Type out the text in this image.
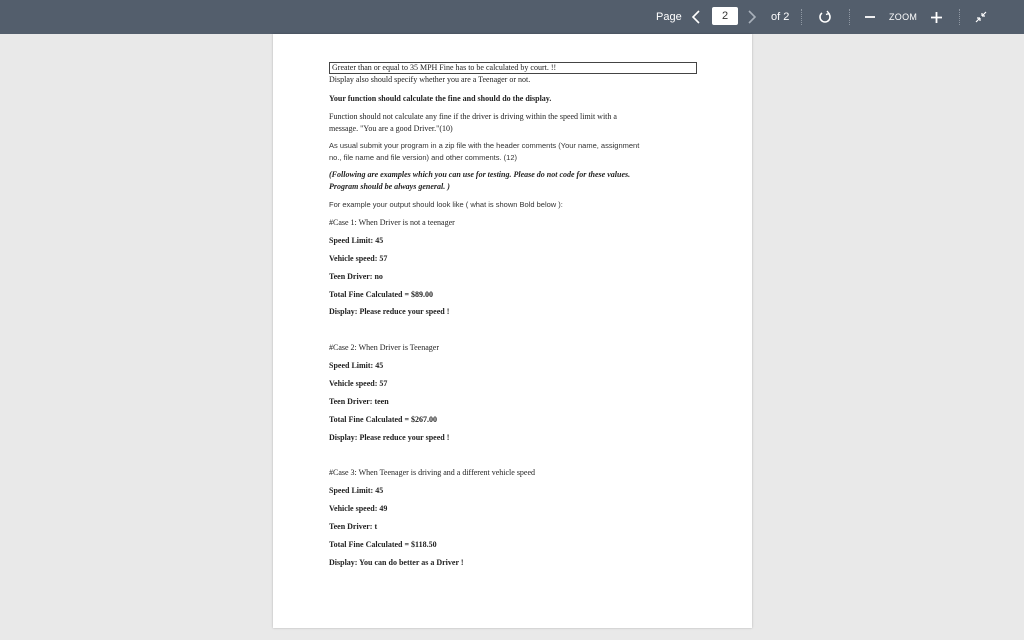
Page	2	of 2	ZOOM
Greater than or equal to 35 MPH Fine has to be calculated by court. !!
Display also should specify whether you are a Teenager or not.
Your function should calculate the fine and should do the display.
Function should not calculate any fine if the driver is driving within the speed limit with a
message. "You are a good Driver."(10)
As usual submit your program in a zip file with the header comments (Your name, assignment
no., file name and file version) and other comments. (12)
(Following are examples which you can use for testing. Please do not code for these values.
Program should be always general. )
For example your output should look like ( what is shown Bold below ):
#Case 1: When Driver is not a teenager
Speed Limit: 45
Vehicle speed: 57
Teen Driver: no
Total Fine Calculated = $89.00
Display: Please reduce your speed !
#Case 2: When Driver is Teenager
Speed Limit: 45
Vehicle speed: 57
Teen Driver: teen
Total Fine Calculated = $267.00
Display: Please reduce your speed !
#Case 3: When Teenager is driving and a different vehicle speed
Speed Limit: 45
Vehicle speed: 49
Teen Driver: t
Total Fine Calculated = $118.50
Display: You can do better as a Driver !
